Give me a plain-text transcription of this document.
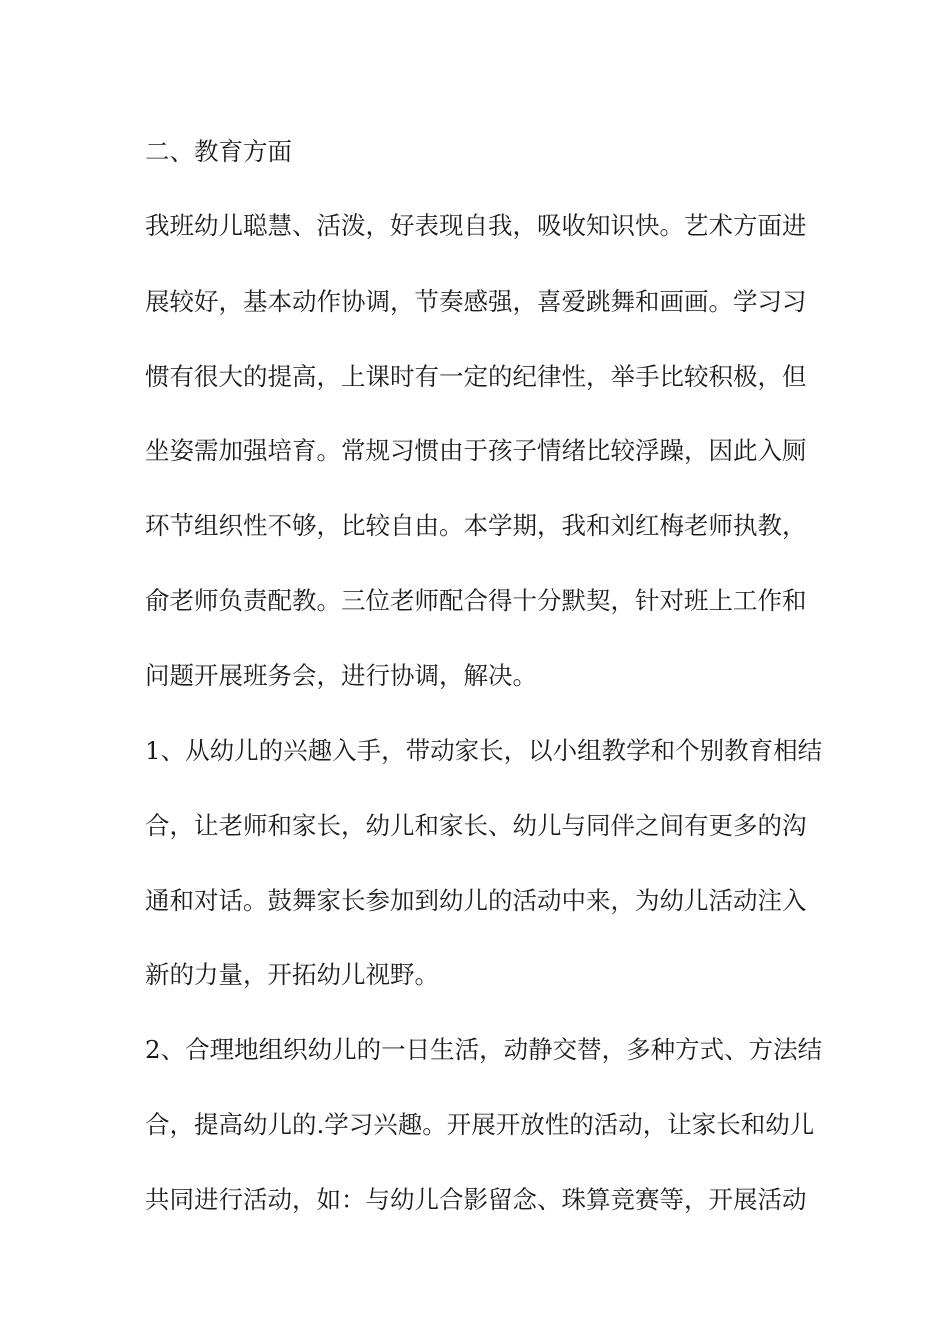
二、教育方面
我班幼儿聪慧、活泼，好表现自我，吸收知识快。艺术方面进
展较好，基本动作协调，节奏感强，喜爱跳舞和画画。学习习
惯有很大的提高，上课时有一定的纪律性，举手比较积极，但
坐姿需加强培育。常规习惯由于孩子情绪比较浮躁，因此入厕
环节组织性不够，比较自由。本学期，我和刘红梅老师执教，
俞老师负责配教。三位老师配合得十分默契，针对班上工作和
问题开展班务会，进行协调，解决。
1、从幼儿的兴趣入手，带动家长，以小组教学和个别教育相结
合，让老师和家长，幼儿和家长、幼儿与同伴之间有更多的沟
通和对话。鼓舞家长参加到幼儿的活动中来，为幼儿活动注入
新的力量，开拓幼儿视野。
2、合理地组织幼儿的一日生活，动静交替，多种方式、方法结
合，提高幼儿的.学习兴趣。开展开放性的活动，让家长和幼儿
共同进行活动，如：与幼儿合影留念、珠算竞赛等，开展活动
